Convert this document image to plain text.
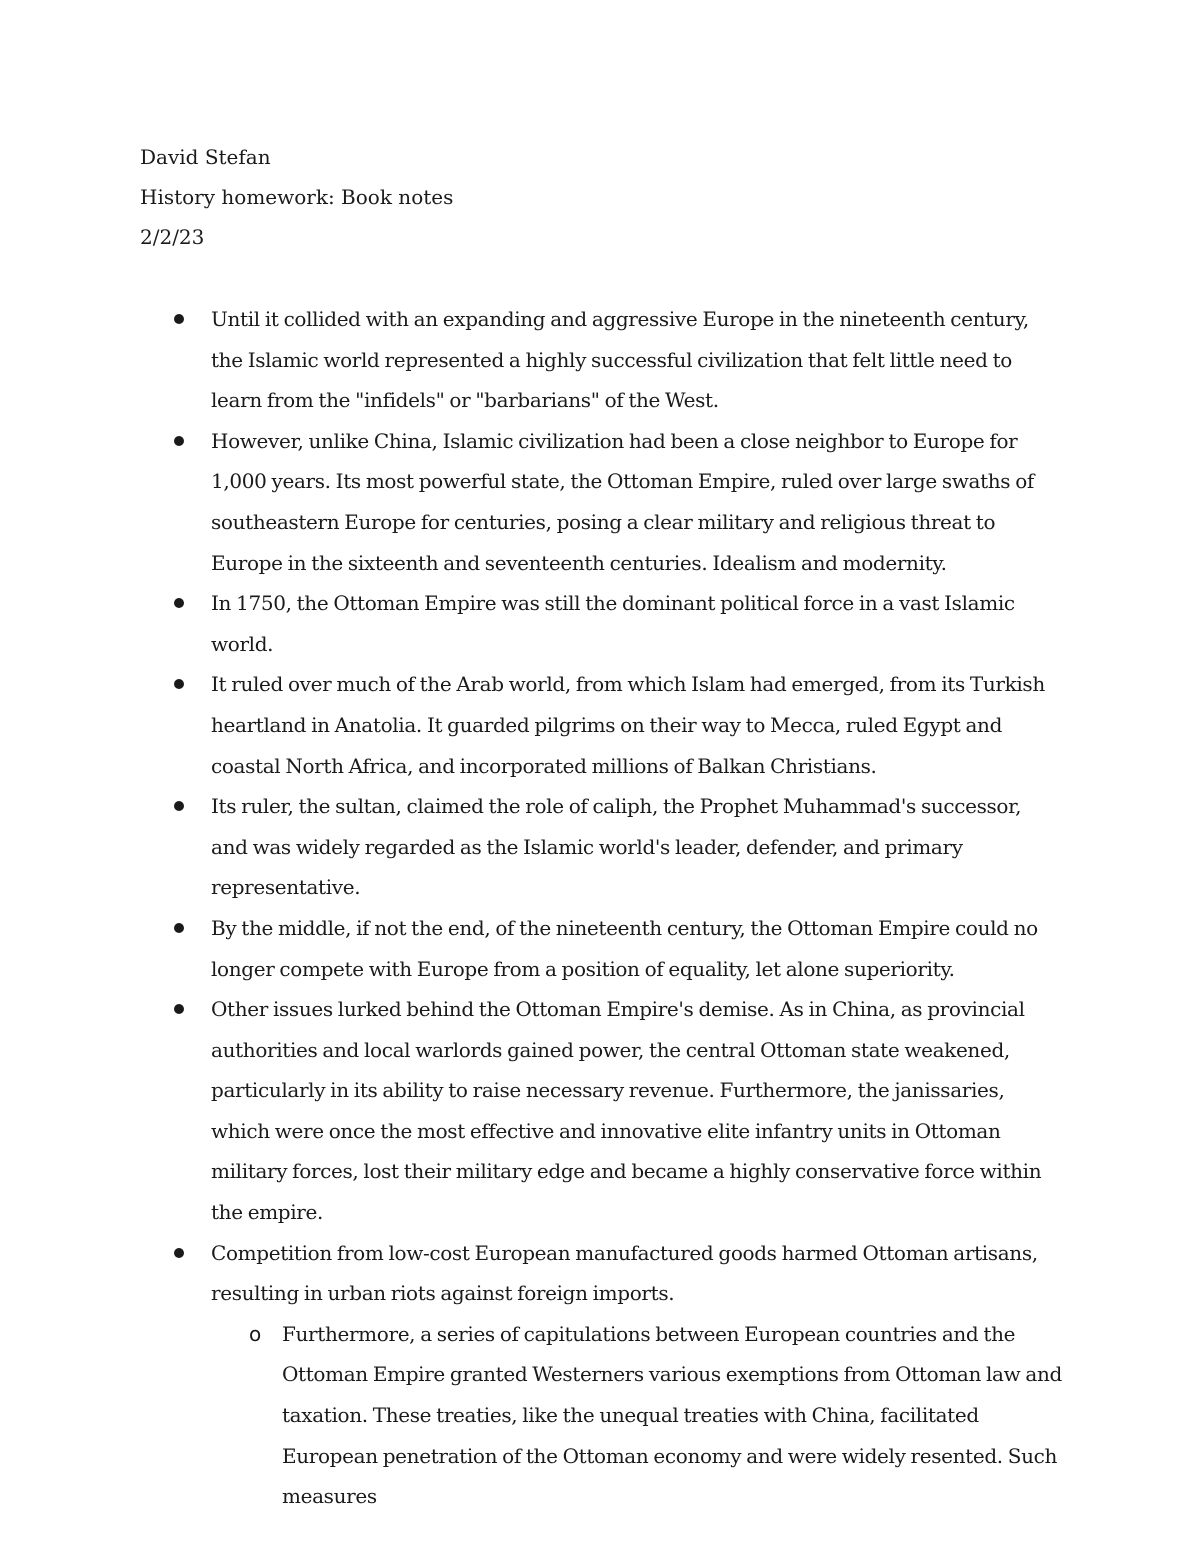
David Stefan
History homework: Book notes
2/2/23
Until it collided with an expanding and aggressive Europe in the nineteenth century, the Islamic world represented a highly successful civilization that felt little need to learn from the "infidels" or "barbarians" of the West.
However, unlike China, Islamic civilization had been a close neighbor to Europe for 1,000 years. Its most powerful state, the Ottoman Empire, ruled over large swaths of southeastern Europe for centuries, posing a clear military and religious threat to Europe in the sixteenth and seventeenth centuries. Idealism and modernity.
In 1750, the Ottoman Empire was still the dominant political force in a vast Islamic world.
It ruled over much of the Arab world, from which Islam had emerged, from its Turkish heartland in Anatolia. It guarded pilgrims on their way to Mecca, ruled Egypt and coastal North Africa, and incorporated millions of Balkan Christians.
Its ruler, the sultan, claimed the role of caliph, the Prophet Muhammad's successor, and was widely regarded as the Islamic world's leader, defender, and primary representative.
By the middle, if not the end, of the nineteenth century, the Ottoman Empire could no longer compete with Europe from a position of equality, let alone superiority.
Other issues lurked behind the Ottoman Empire's demise. As in China, as provincial authorities and local warlords gained power, the central Ottoman state weakened, particularly in its ability to raise necessary revenue. Furthermore, the janissaries, which were once the most effective and innovative elite infantry units in Ottoman military forces, lost their military edge and became a highly conservative force within the empire.
Competition from low-cost European manufactured goods harmed Ottoman artisans, resulting in urban riots against foreign imports.
o Furthermore, a series of capitulations between European countries and the Ottoman Empire granted Westerners various exemptions from Ottoman law and taxation. These treaties, like the unequal treaties with China, facilitated European penetration of the Ottoman economy and were widely resented. Such measures
